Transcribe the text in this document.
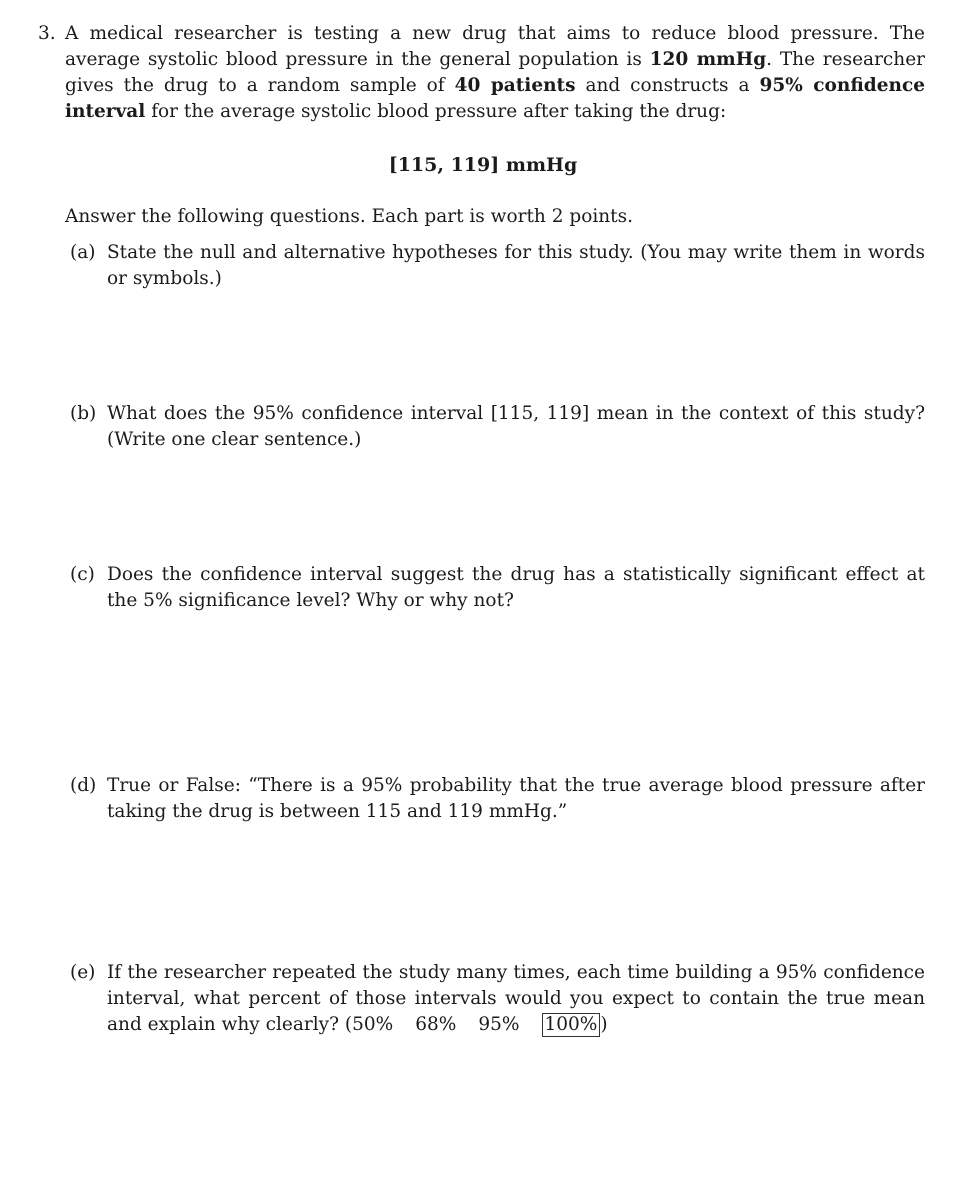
3. A medical researcher is testing a new drug that aims to reduce blood pressure. The average systolic blood pressure in the general population is 120 mmHg. The researcher gives the drug to a random sample of 40 patients and constructs a 95% confidence interval for the average systolic blood pressure after taking the drug:

[115, 119] mmHg

Answer the following questions. Each part is worth 2 points.

(a) State the null and alternative hypotheses for this study. (You may write them in words or symbols.)

(b) What does the 95% confidence interval [115, 119] mean in the context of this study? (Write one clear sentence.)

(c) Does the confidence interval suggest the drug has a statistically significant effect at the 5% significance level? Why or why not?

(d) True or False: “There is a 95% probability that the true average blood pressure after taking the drug is between 115 and 119 mmHg.”

(e) If the researcher repeated the study many times, each time building a 95% confidence interval, what percent of those intervals would you expect to contain the true mean and explain why clearly? (50% 68% 95% 100% )
